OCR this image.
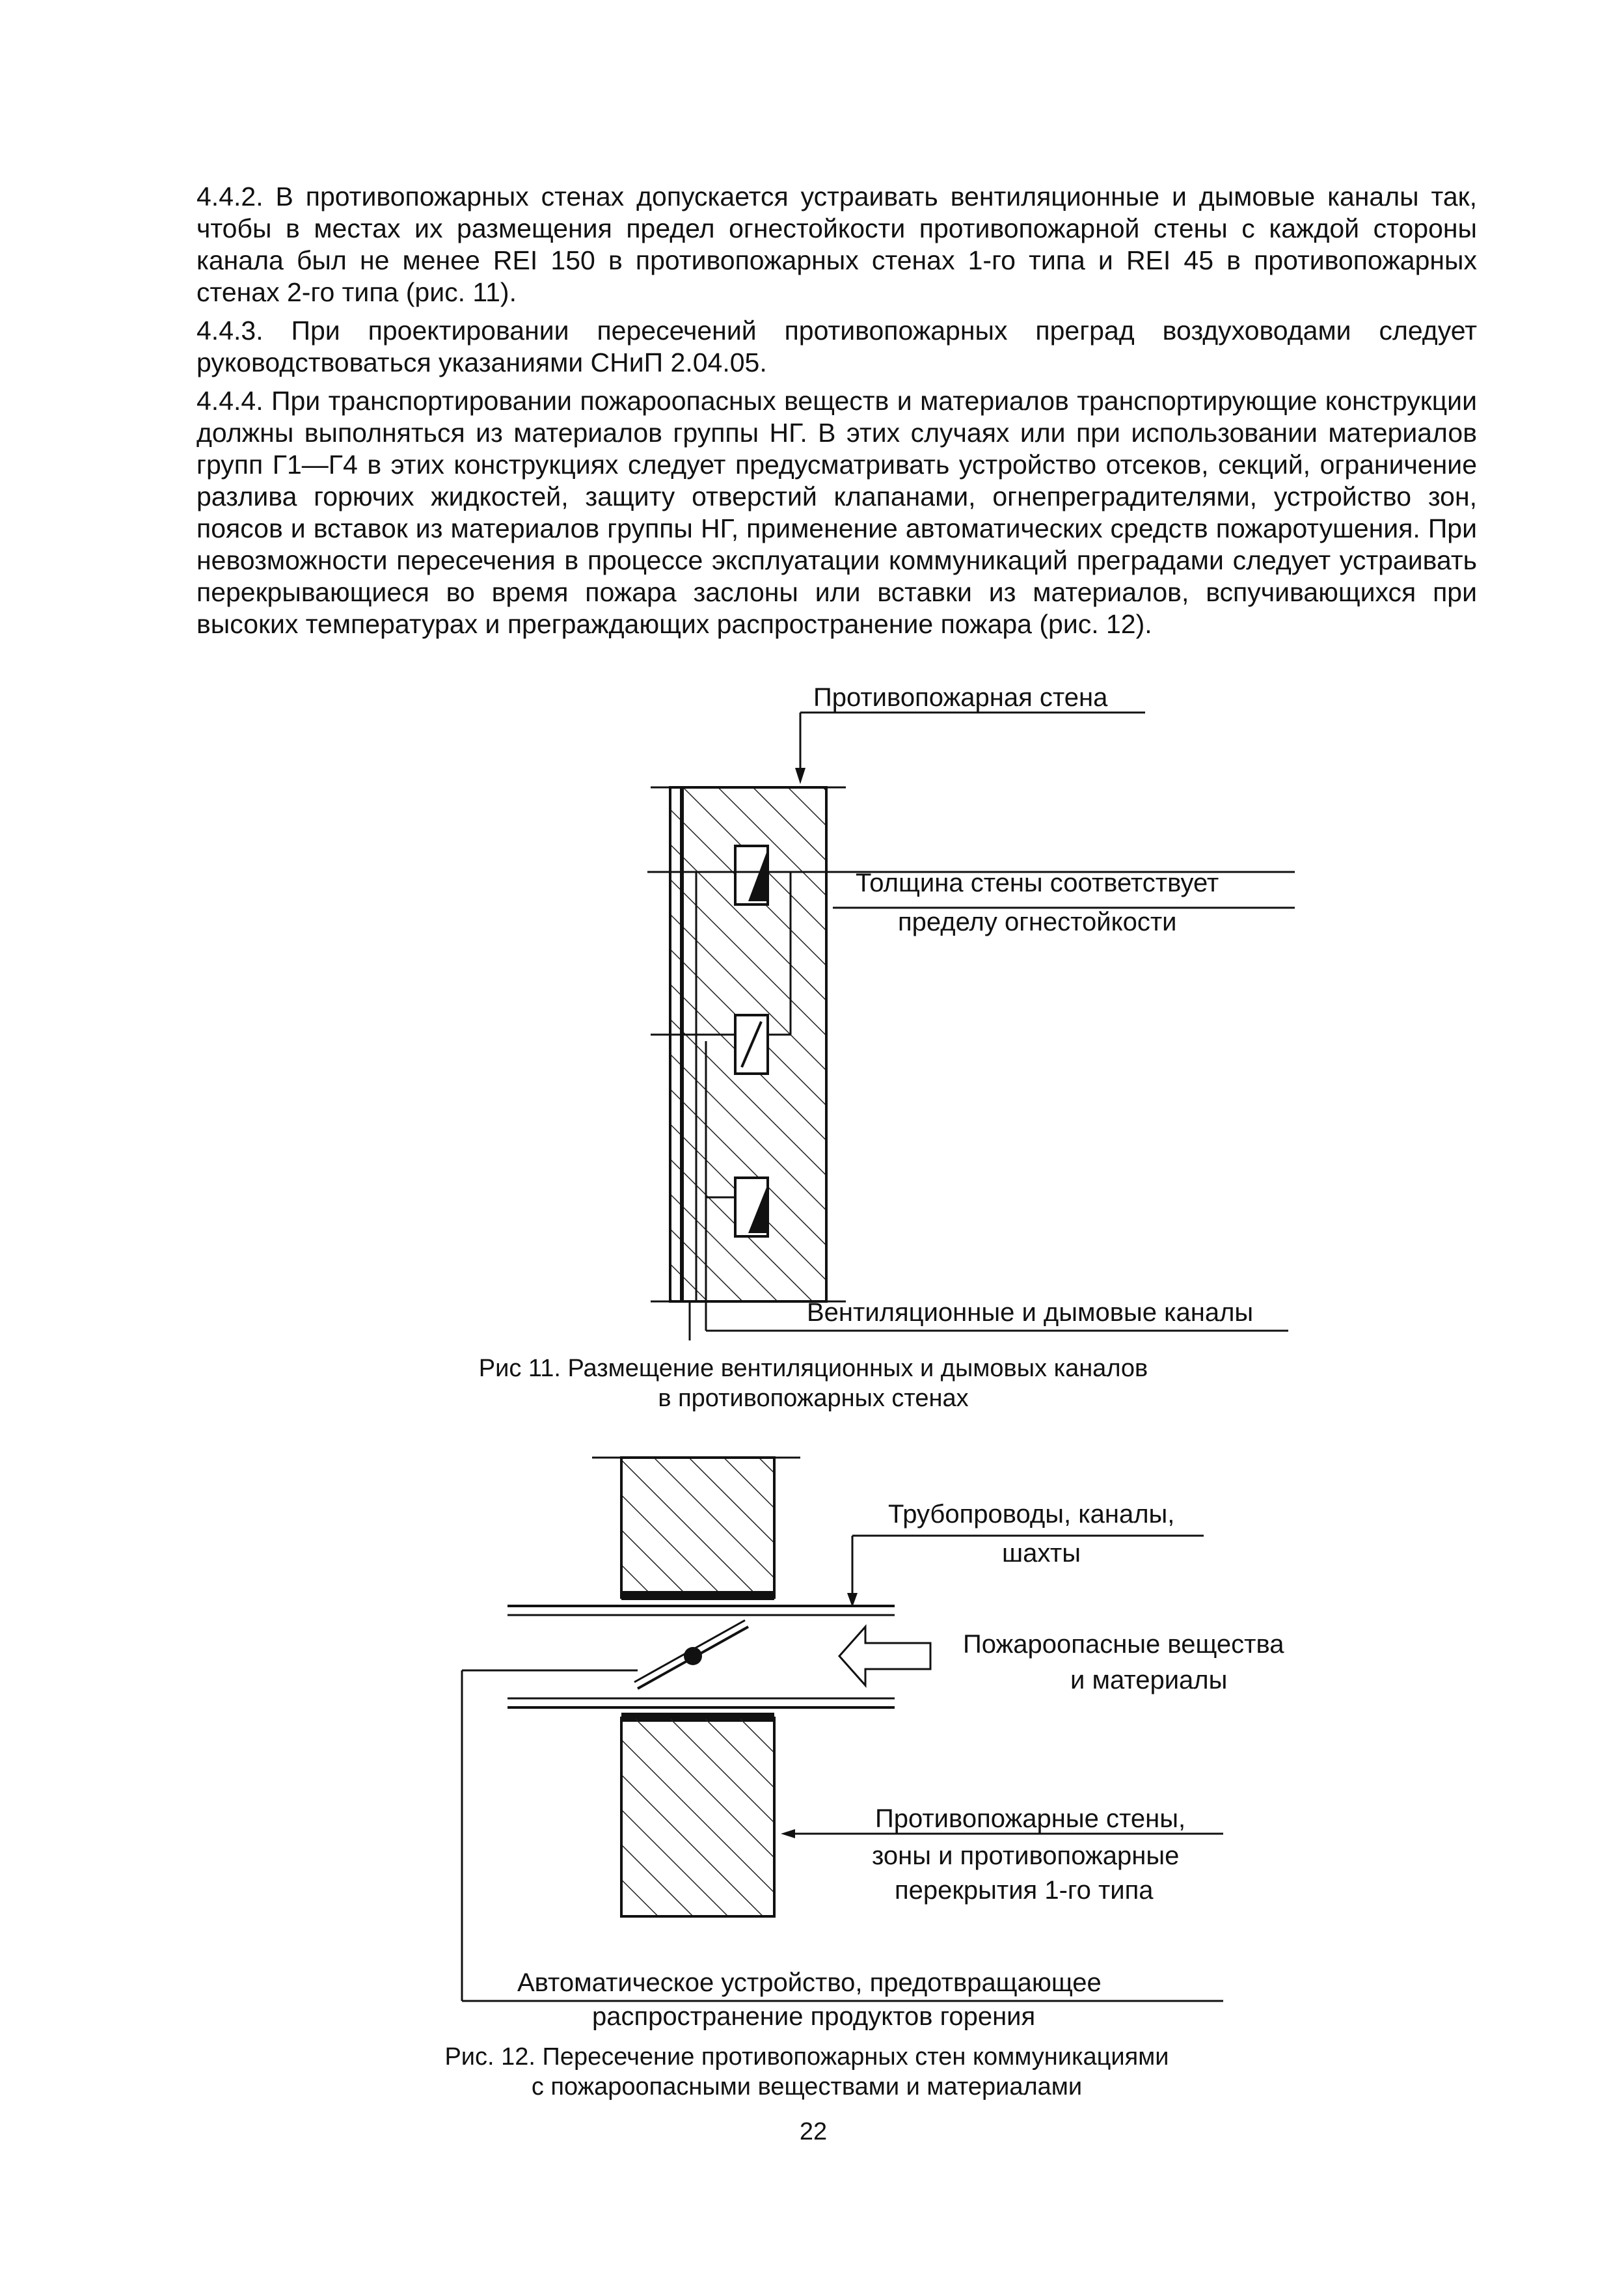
4.4.2. В противопожарных стенах допускается устраивать вентиляционные и дымовые каналы так, чтобы в местах их размещения предел огнестойкости противопожарной стены с каждой стороны канала был не менее REI 150 в противопожарных стенах 1-го типа и REI 45 в противопожарных стенах 2-го типа (рис. 11).

4.4.3. При проектировании пересечений противопожарных преград воздуховодами следует руководствоваться указаниями СНиП 2.04.05.

4.4.4. При транспортировании пожароопасных веществ и материалов транспортирующие конструкции должны выполняться из материалов группы НГ. В этих случаях или при использовании материалов групп Г1—Г4 в этих конструкциях следует предусматривать устройство отсеков, секций, ограничение разлива горючих жидкостей, защиту отверстий клапанами, огнепреградителями, устройство зон, поясов и вставок из материалов группы НГ, применение автоматических средств пожаротушения. При невозможности пересечения в процессе эксплуатации коммуникаций преградами следует устраивать перекрывающиеся во время пожара заслоны или вставки из материалов, вспучивающихся при высоких температурах и преграждающих распространение пожара (рис. 12).

Противопожарная стена
Толщина стены соответствует
пределу огнестойкости
Вентиляционные и дымовые каналы
Рис 11. Размещение вентиляционных и дымовых каналов
в противопожарных стенах
Трубопроводы, каналы,
шахты
Пожароопасные вещества
и материалы
Противопожарные стены,
зоны и противопожарные
перекрытия 1-го типа
Автоматическое устройство, предотвращающее
распространение продуктов горения
Рис. 12. Пересечение противопожарных стен коммуникациями
с пожароопасными веществами и материалами
22
